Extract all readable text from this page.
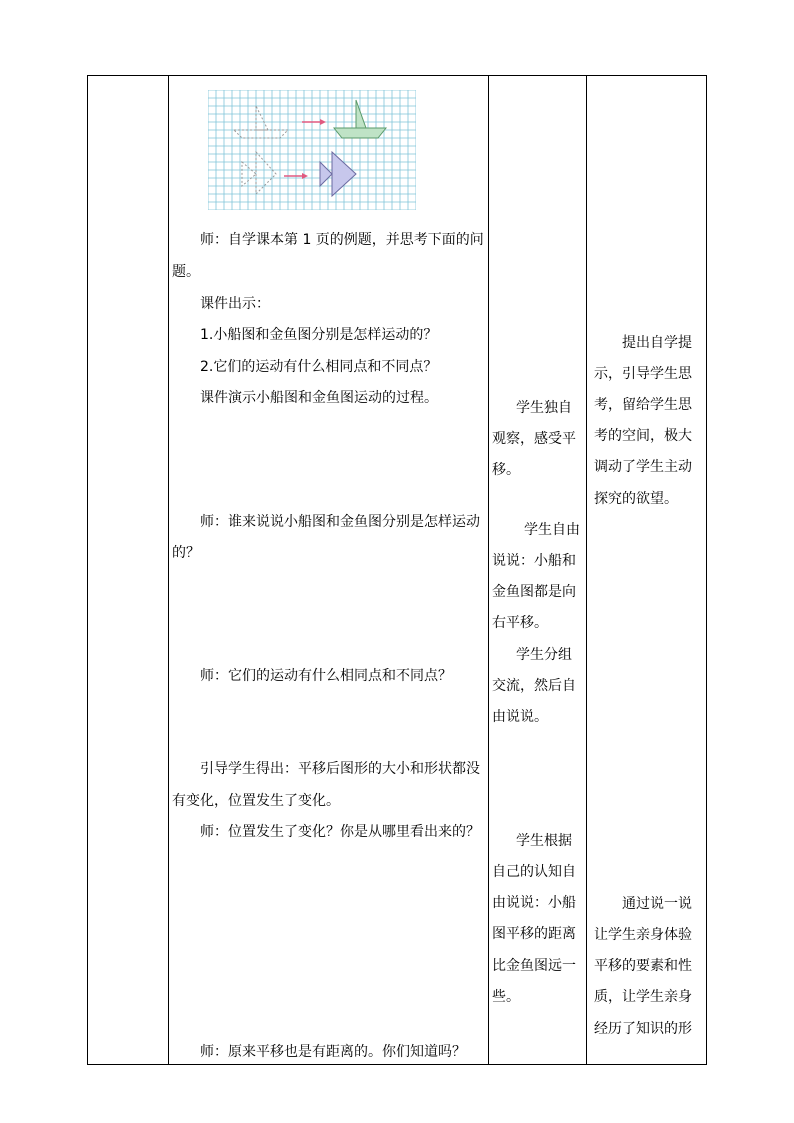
师：自学课本第 1 页的例题，并思考下面的问
题。
课件出示：
1.小船图和金鱼图分别是怎样运动的？
2.它们的运动有什么相同点和不同点？
课件演示小船图和金鱼图运动的过程。
师：谁来说说小船图和金鱼图分别是怎样运动
的？
师：它们的运动有什么相同点和不同点？
引导学生得出：平移后图形的大小和形状都没
有变化，位置发生了变化。
师：位置发生了变化？你是从哪里看出来的？
师：原来平移也是有距离的。你们知道吗？
学生独自
观察，感受平
移。
学生自由
说说：小船和
金鱼图都是向
右平移。
学生分组
交流，然后自
由说说。
学生根据
自己的认知自
由说说：小船
图平移的距离
比金鱼图远一
些。
提出自学提
示，引导学生思
考，留给学生思
考的空间，极大
调动了学生主动
探究的欲望。
通过说一说
让学生亲身体验
平移的要素和性
质，让学生亲身
经历了知识的形
